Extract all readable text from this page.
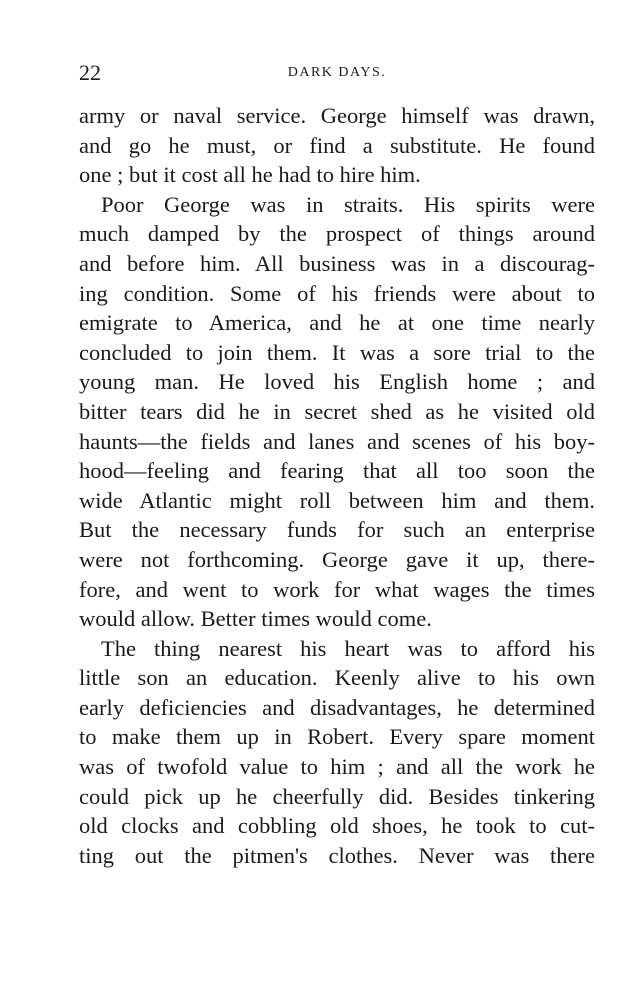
22	DARK DAYS.
army or naval service. George himself was drawn,
and go he must, or find a substitute. He found
one ; but it cost all he had to hire him.
Poor George was in straits. His spirits were
much damped by the prospect of things around
and before him. All business was in a discourag-
ing condition. Some of his friends were about to
emigrate to America, and he at one time nearly
concluded to join them. It was a sore trial to the
young man. He loved his English home ; and
bitter tears did he in secret shed as he visited old
haunts—the fields and lanes and scenes of his boy-
hood—feeling and fearing that all too soon the
wide Atlantic might roll between him and them.
But the necessary funds for such an enterprise
were not forthcoming. George gave it up, there-
fore, and went to work for what wages the times
would allow. Better times would come.
The thing nearest his heart was to afford his
little son an education. Keenly alive to his own
early deficiencies and disadvantages, he determined
to make them up in Robert. Every spare moment
was of twofold value to him ; and all the work he
could pick up he cheerfully did. Besides tinkering
old clocks and cobbling old shoes, he took to cut-
ting out the pitmen's clothes. Never was there
